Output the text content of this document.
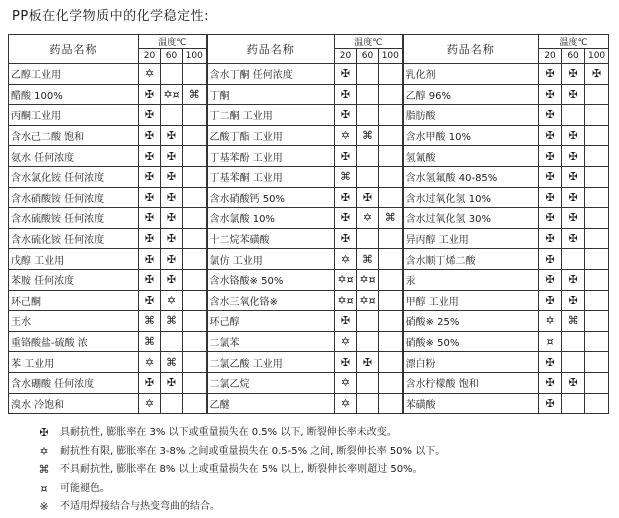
PP板在化学物质中的化学稳定性:
药品名称	温度℃			药品名称	温度℃			药品名称	温度℃		
	20	60	100		20	60	100		20	60	100
乙醇工业用	✡			含水丁酮 任何浓度	✠			乳化剂	✠	✠	✠
醋酸 100%	✠	✡¤	⌘	丁酮	✠			乙醇 96%	✠	✠	
丙酮工业用	✠			丁二酮 工业用	✠			脂肪酸	✠		
含水己二酸 饱和	✠	✠		乙酸丁酯 工业用	✡	⌘		含水甲酸 10%	✠	✠	
氨水 任何浓度	✠	✠		丁基苯酚 工业用	✠			氢氰酸	✠	✠	
含水氯化铵 任何浓度	✠	✠		丁基苯酮 工业用	⌘			含水氢氟酸 40-85%	✠	✠	
含水硝酸铵 任何浓度	✠	✠		含水硝酸钙 50%	✠	✠		含水过氧化氢 10%	✠	✠	
含水硫酸铵 任何浓度	✠	✠		含水氯酸 10%	✠	✡	⌘	含水过氧化氢 30%	✠	✠	
含水硫化铵 任何浓度	✠	✠		十二烷苯磺酸	✠			异丙醇 工业用	✠	✠	
戊醇 工业用	✠	✠		氯仿 工业用	✡	⌘		含水顺丁烯二酸	✠		
苯胺 任何浓度	✠	✠		含水铬酸※ 50%	✡¤	✡¤		汞	✠	✠	
环己酮	✠	✡		含水三氧化铬※	✡¤	✡¤		甲醇 工业用	✠	✠	
王水	⌘	⌘		环己醇	✠			硝酸※ 25%	✡	⌘	
重铬酸盐-硫酸 浓	⌘			二氯苯	✡			硝酸※ 50%	¤		
苯 工业用	✡	⌘		二氯乙酸 工业用	✠	✠		漂白粉	✠		
含水硼酸 任何浓度	✠	✠		二氯乙烷	✡			含水柠檬酸 饱和	✠	✠	
溴水 冷饱和	✡			乙醚	✡			苯磺酸	✠		
✠	具耐抗性, 膨胀率在 3% 以下或重量损失在 0.5% 以下, 断裂伸长率未改变。
✡	耐抗性有限, 膨胀率在 3-8% 之间或重量损失在 0.5-5% 之间, 断裂伸长率 50% 以下。
⌘	不具耐抗性, 膨胀率在 8% 以上或重量损失在 5% 以上, 断裂伸长率则超过 50%。
¤	可能褪色。
※	不适用焊接结合与热变弯曲的结合。
